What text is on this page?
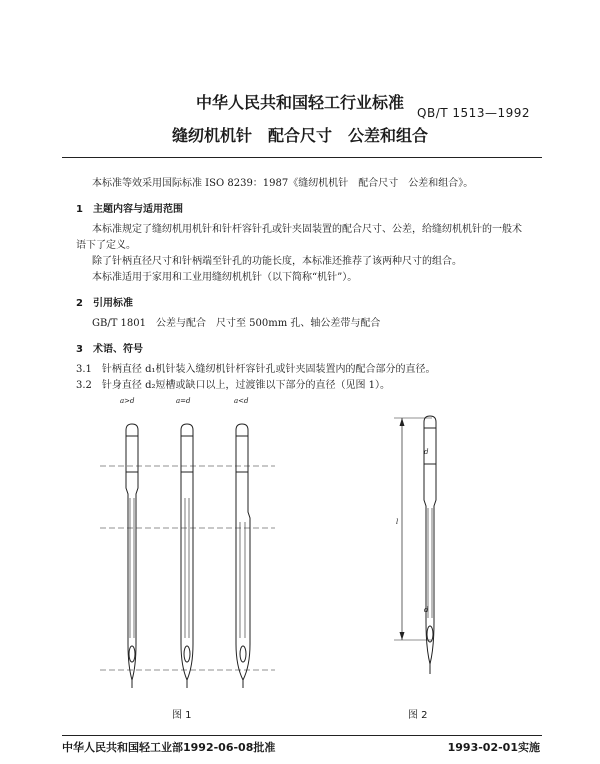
中华人民共和国轻工行业标准
QB/T 1513—1992
缝纫机机针　配合尺寸　公差和组合
本标准等效采用国际标准 ISO 8239：1987《缝纫机机针　配合尺寸　公差和组合》。
1　主题内容与适用范围
本标准规定了缝纫机用机针和针杆容针孔或针夹固装置的配合尺寸、公差，给缝纫机机针的一般术
语下了定义。
除了针柄直径尺寸和针柄端至针孔的功能长度，本标准还推荐了该两种尺寸的组合。
本标准适用于家用和工业用缝纫机机针（以下简称“机针”）。
2　引用标准
GB/T 1801　公差与配合　尺寸至 500mm 孔、轴公差带与配合
3　术语、符号
3.1　针柄直径 d₁机针装入缝纫机针杆容针孔或针夹固装置内的配合部分的直径。
3.2　针身直径 d₂短槽或缺口以上，过渡锥以下部分的直径（见图 1）。
a>d	a=d	a<d
l
d
d
图 1	图 2
中华人民共和国轻工业部1992-06-08批准	1993-02-01实施
